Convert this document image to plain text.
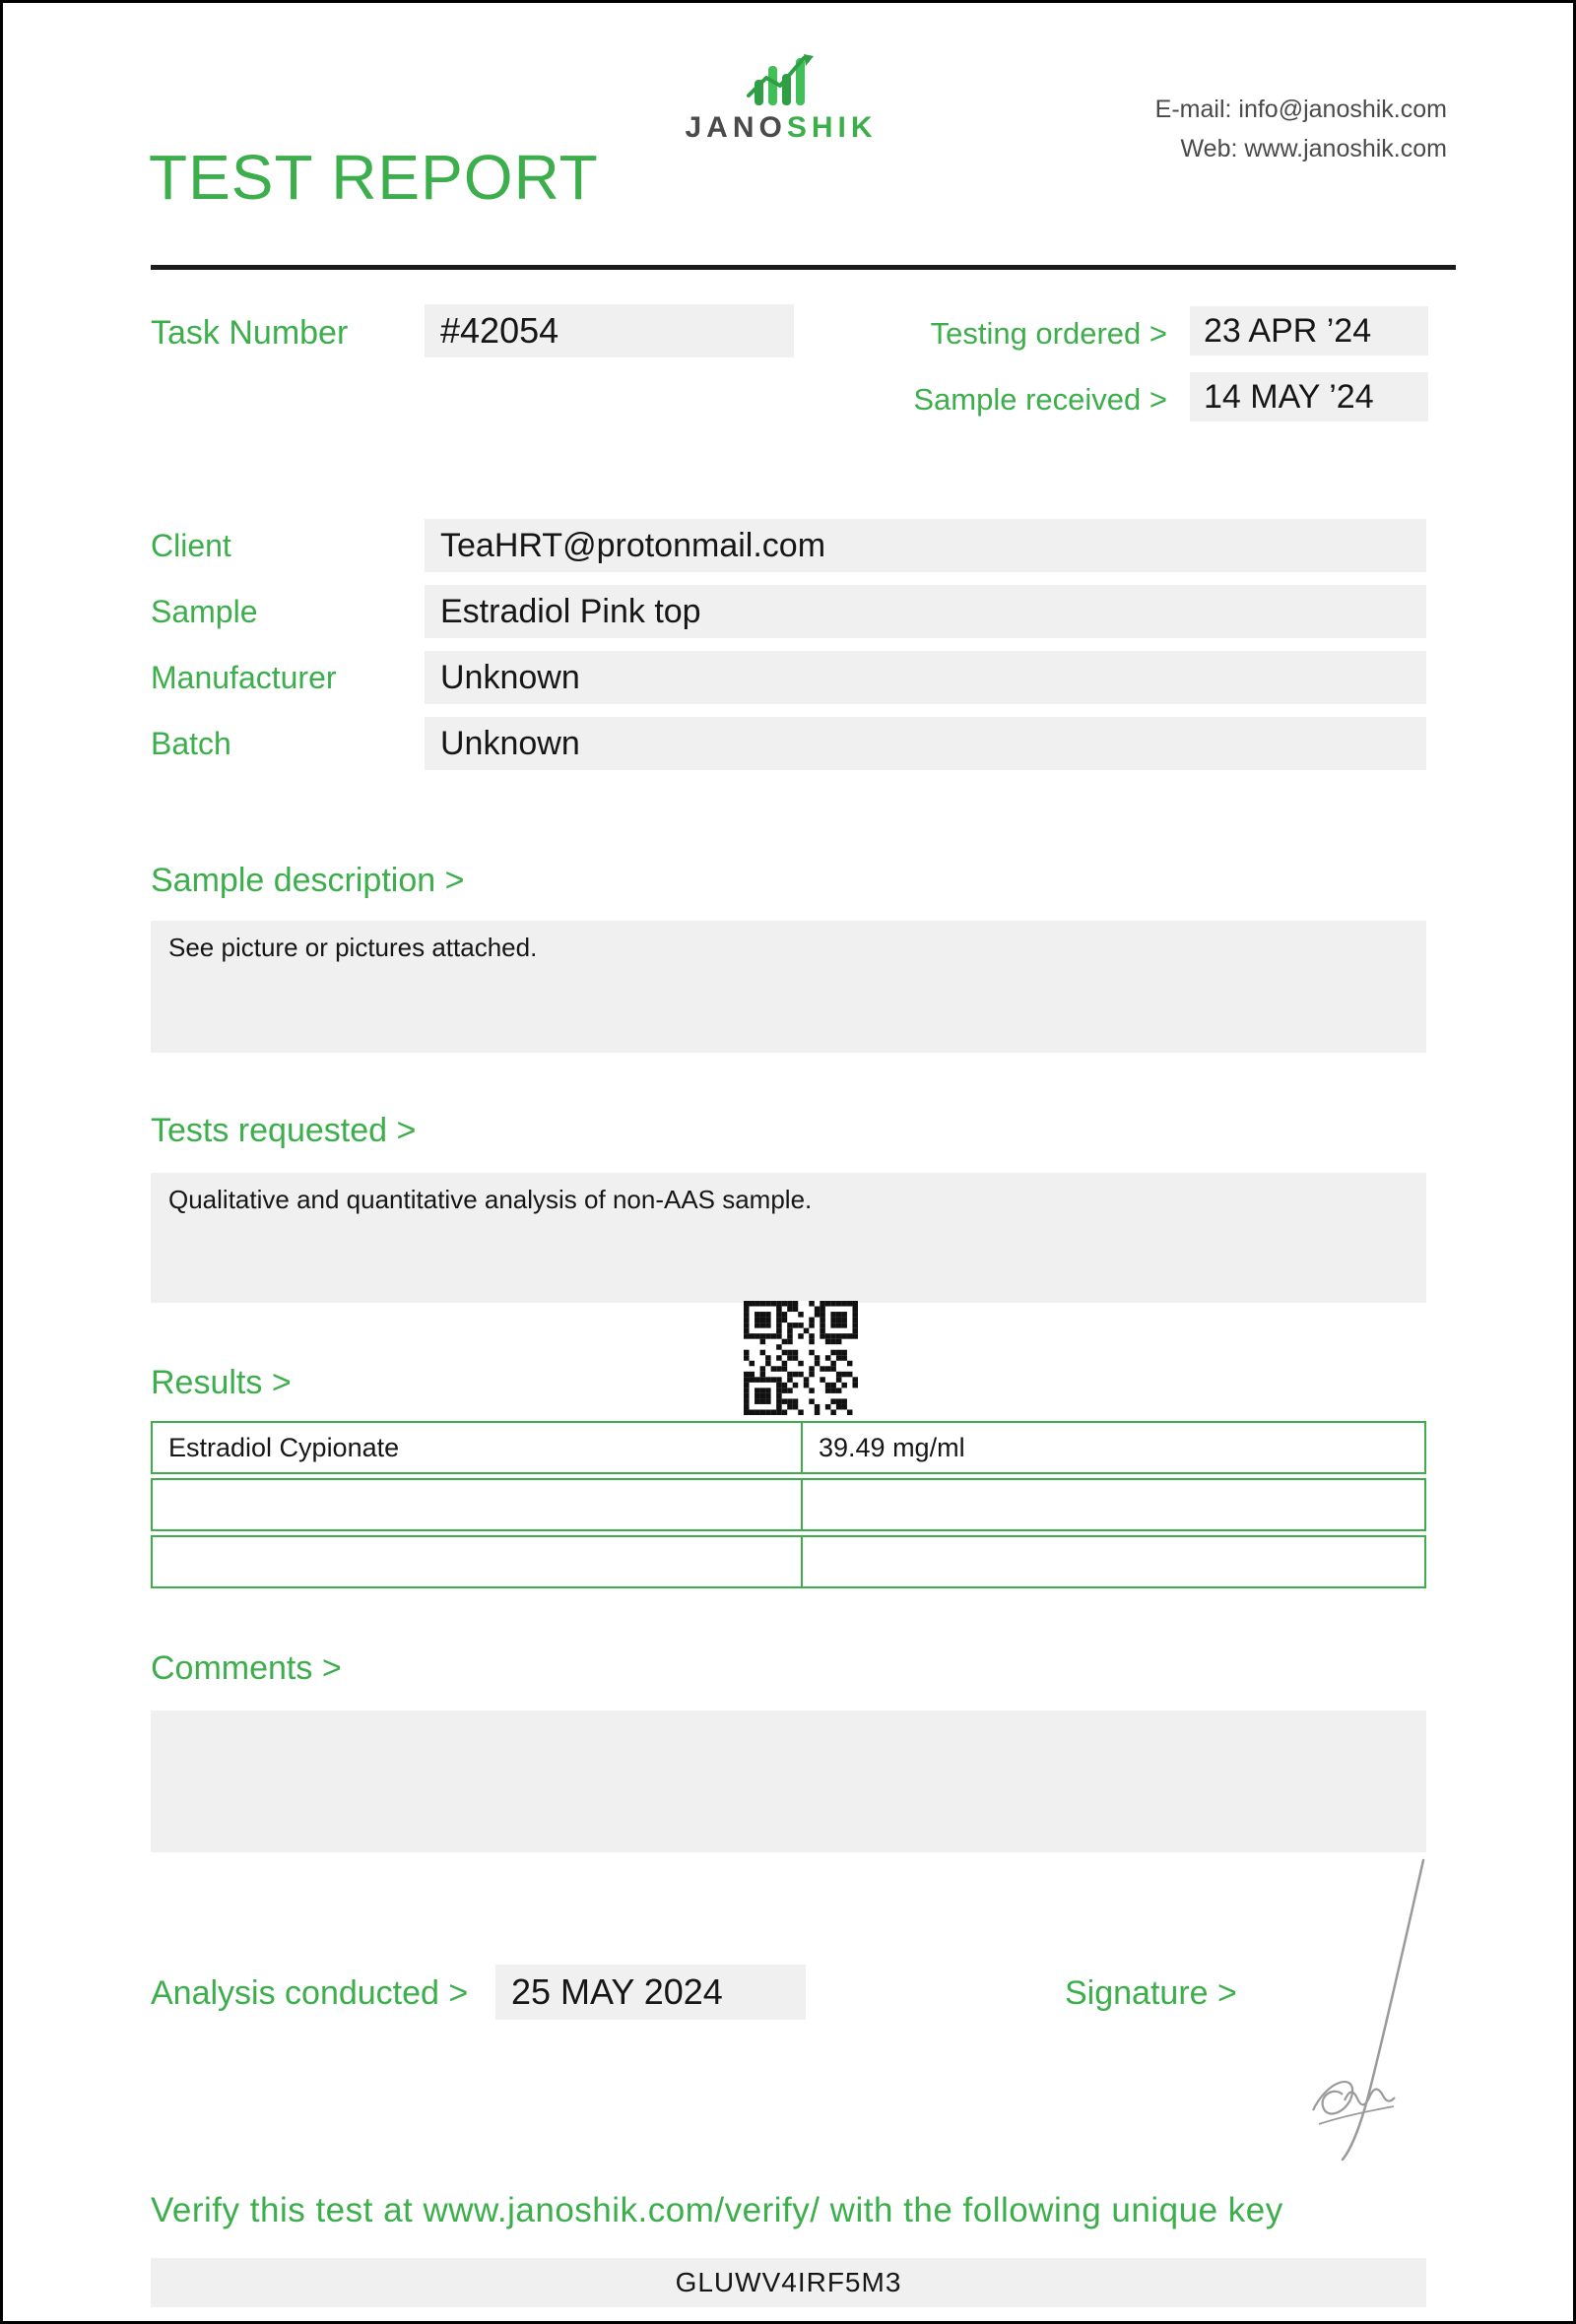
TEST REPORT
JANOSHIK
E-mail: info@janoshik.com
Web: www.janoshik.com
Task Number	#42054	Testing ordered >	23 APR ’24
Sample received >	14 MAY ’24
Client	TeaHRT@protonmail.com
Sample	Estradiol Pink top
Manufacturer	Unknown
Batch	Unknown
Sample description >
See picture or pictures attached.
Tests requested >
Qualitative and quantitative analysis of non-AAS sample.
Results >
Estradiol Cypionate	39.49 mg/ml
Comments >
Analysis conducted >	25 MAY 2024	Signature >
Verify this test at www.janoshik.com/verify/ with the following unique key
GLUWV4IRF5M3
